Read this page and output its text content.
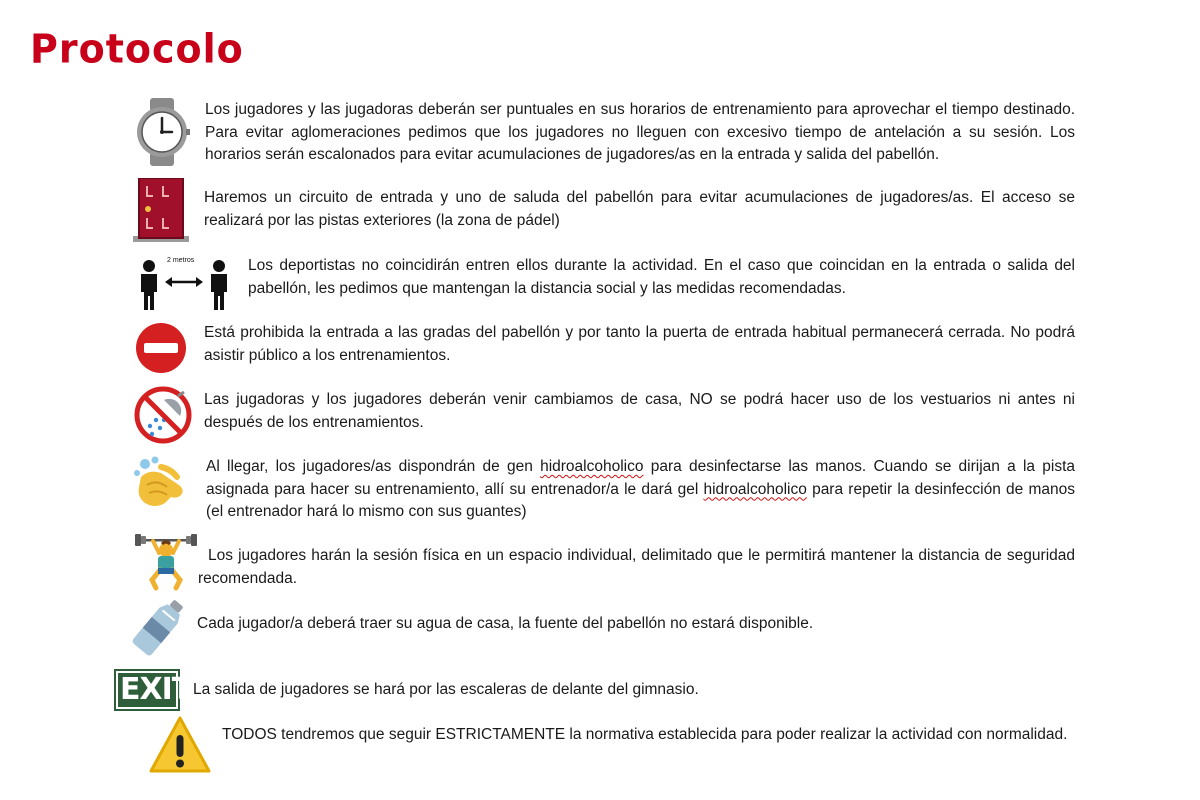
Protocolo
Los jugadores y las jugadoras deberán ser puntuales en sus horarios de entrenamiento para aprovechar el tiempo destinado. Para evitar aglomeraciones pedimos que los jugadores no lleguen con excesivo tiempo de antelación a su sesión. Los horarios serán escalonados para evitar acumulaciones de jugadores/as en la entrada y salida del pabellón.
Haremos un circuito de entrada y uno de saluda del pabellón para evitar acumulaciones de jugadores/as. El acceso se realizará por las pistas exteriores (la zona de pádel)
2 metros	Los deportistas no coincidirán entren ellos durante la actividad. En el caso que coincidan en la entrada o salida del pabellón, les pedimos que mantengan la distancia social y las medidas recomendadas.
Está prohibida la entrada a las gradas del pabellón y por tanto la puerta de entrada habitual permanecerá cerrada. No podrá asistir público a los entrenamientos.
Las jugadoras y los jugadores deberán venir cambiamos de casa, NO se podrá hacer uso de los vestuarios ni antes ni después de los entrenamientos.
Al llegar, los jugadores/as dispondrán de gen hidroalcoholico para desinfectarse las manos. Cuando se dirijan a la pista asignada para hacer su entrenamiento, allí su entrenador/a le dará gel hidroalcoholico para repetir la desinfección de manos (el entrenador hará lo mismo con sus guantes)
Los jugadores harán la sesión física en un espacio individual, delimitado que le permitirá mantener la distancia de seguridad recomendada.
Cada jugador/a deberá traer su agua de casa, la fuente del pabellón no estará disponible.
EXIT La salida de jugadores se hará por las escaleras de delante del gimnasio.
TODOS tendremos que seguir ESTRICTAMENTE la normativa establecida para poder realizar la actividad con normalidad.
